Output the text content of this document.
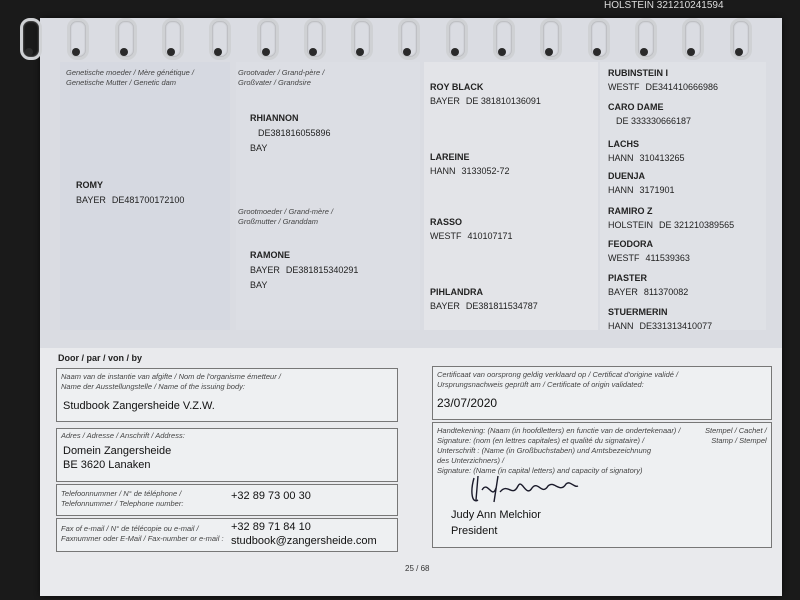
HOLSTEIN 321210241594
Genetische moeder / Mère génétique /
Genetische Mutter / Genetic dam
Grootvader / Grand-père /
Großvater / Grandsire
Grootmoeder / Grand-mère /
Großmutter / Granddam
ROMY
BAYER DE481700172100
RHIANNON
DE381816055896
BAY
RAMONE
BAYER DE381815340291
BAY
ROY BLACK
BAYER DE 381810136091
LAREINE
HANN 3133052-72
RASSO
WESTF 410107171
PIHLANDRA
BAYER DE381811534787
RUBINSTEIN I
WESTF DE341410666986
CARO DAME
DE 333330666187
LACHS
HANN 310413265
DUENJA
HANN 3171901
RAMIRO Z
HOLSTEIN DE 321210389565
FEODORA
WESTF 411539363
PIASTER
BAYER 811370082
STUERMERIN
HANN DE331313410077
Door / par / von / by
Naam van de instantie van afgifte / Nom de l'organisme émetteur /
Name der Ausstellungstelle / Name of the issuing body:
Studbook Zangersheide V.Z.W.
Adres / Adresse / Anschrift / Address:
Domein Zangersheide
BE 3620 Lanaken
Telefoonnummer / N° de téléphone /
Telefonnummer / Telephone number:
+32 89 73 00 30
Fax of e-mail / N° de télécopie ou e-mail /
Faxnummer oder E-Mail / Fax-number or e-mail :
+32 89 71 84 10
studbook@zangersheide.com
Certificaat van oorsprong geldig verklaard op / Certificat d'origine validé /
Ursprungsnachweis geprüft am / Certificate of origin validated:
23/07/2020
Handtekening: (Naam (in hoofdletters) en functie van de ondertekenaar) /
Signature: (nom (en lettres capitales) et qualité du signataire) /
Unterschrift : (Name (in Großbuchstaben) und Amtsbezeichnung
des Unterzichners) /
Signature: (Name (in capital letters) and capacity of signatory)
Stempel / Cachet /
Stamp / Stempel
Judy Ann Melchior
President
25 / 68
